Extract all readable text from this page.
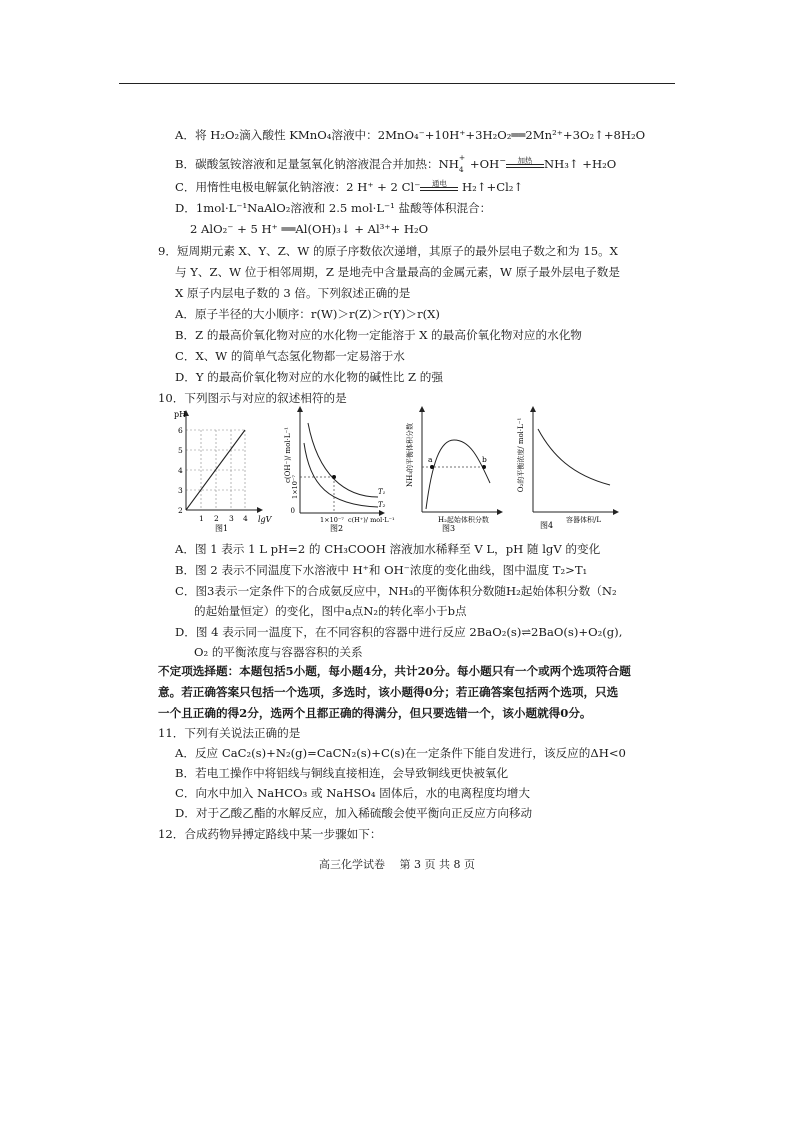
A．将 H₂O₂滴入酸性 KMnO₄溶液中：2MnO₄⁻+10H⁺+3H₂O₂══2Mn²⁺+3O₂↑+8H₂O
B．碳酸氢铵溶液和足量氢氧化钠溶液混合并加热：NH +
4 +OH−	加热 NH₃↑ +H₂O
C．用惰性电极电解氯化钠溶液：2 H⁺ + 2 Cl⁻	通电 H₂↑+Cl₂↑
D．1mol·L⁻¹NaAlO₂溶液和 2.5 mol·L⁻¹ 盐酸等体积混合：
2 AlO₂⁻ + 5 H⁺ ══Al(OH)₃↓ + Al³⁺+ H₂O
9．短周期元素 X、Y、Z、W 的原子序数依次递增，其原子的最外层电子数之和为 15。X
与 Y、Z、W 位于相邻周期，Z 是地壳中含量最高的金属元素，W 原子最外层电子数是
X 原子内层电子数的 3 倍。下列叙述正确的是
A．原子半径的大小顺序：r(W)＞r(Z)＞r(Y)＞r(X)
B．Z 的最高价氧化物对应的水化物一定能溶于 X 的最高价氧化物对应的水化物
C．X、W 的简单气态氢化物都一定易溶于水
D．Y 的最高价氧化物对应的水化物的碱性比 Z 的强
10．下列图示与对应的叙述相符的是
pH
lgV
2
3
4
5
6
1 2 3 4
图1
0
c(OH⁻)/ mol·L⁻¹
1×10⁻⁷
1×10⁻⁷ c(H⁺)/ mol·L⁻¹
T₁
T₂
图2
a	b
NH₃的平衡体积分数
H₂起始体积分数
图3
O₂的平衡浓度/ mol·L⁻¹
容器体积/L
图4
A．图 1 表示 1 L pH=2 的 CH₃COOH 溶液加水稀释至 V L，pH 随 lgV 的变化
B．图 2 表示不同温度下水溶液中 H⁺和 OH⁻浓度的变化曲线，图中温度 T₂>T₁
C．图3表示一定条件下的合成氨反应中，NH₃的平衡体积分数随H₂起始体积分数（N₂
的起始量恒定）的变化，图中a点N₂的转化率小于b点
D．图 4 表示同一温度下，在不同容积的容器中进行反应 2BaO₂(s)⇌2BaO(s)+O₂(g),
O₂ 的平衡浓度与容器容积的关系
不定项选择题：本题包括5小题，每小题4分，共计20分。每小题只有一个或两个选项符合题
意。若正确答案只包括一个选项，多选时，该小题得0分；若正确答案包括两个选项，只选
一个且正确的得2分，选两个且都正确的得满分，但只要选错一个，该小题就得0分。
11．下列有关说法正确的是
A．反应 CaC₂(s)+N₂(g)=CaCN₂(s)+C(s)在一定条件下能自发进行，该反应的ΔH<0
B．若电工操作中将铝线与铜线直接相连，会导致铜线更快被氧化
C．向水中加入 NaHCO₃ 或 NaHSO₄ 固体后，水的电离程度均增大
D．对于乙酸乙酯的水解反应，加入稀硫酸会使平衡向正反应方向移动
12．合成药物异搏定路线中某一步骤如下：
高三化学试卷　 第 3 页 共 8 页
